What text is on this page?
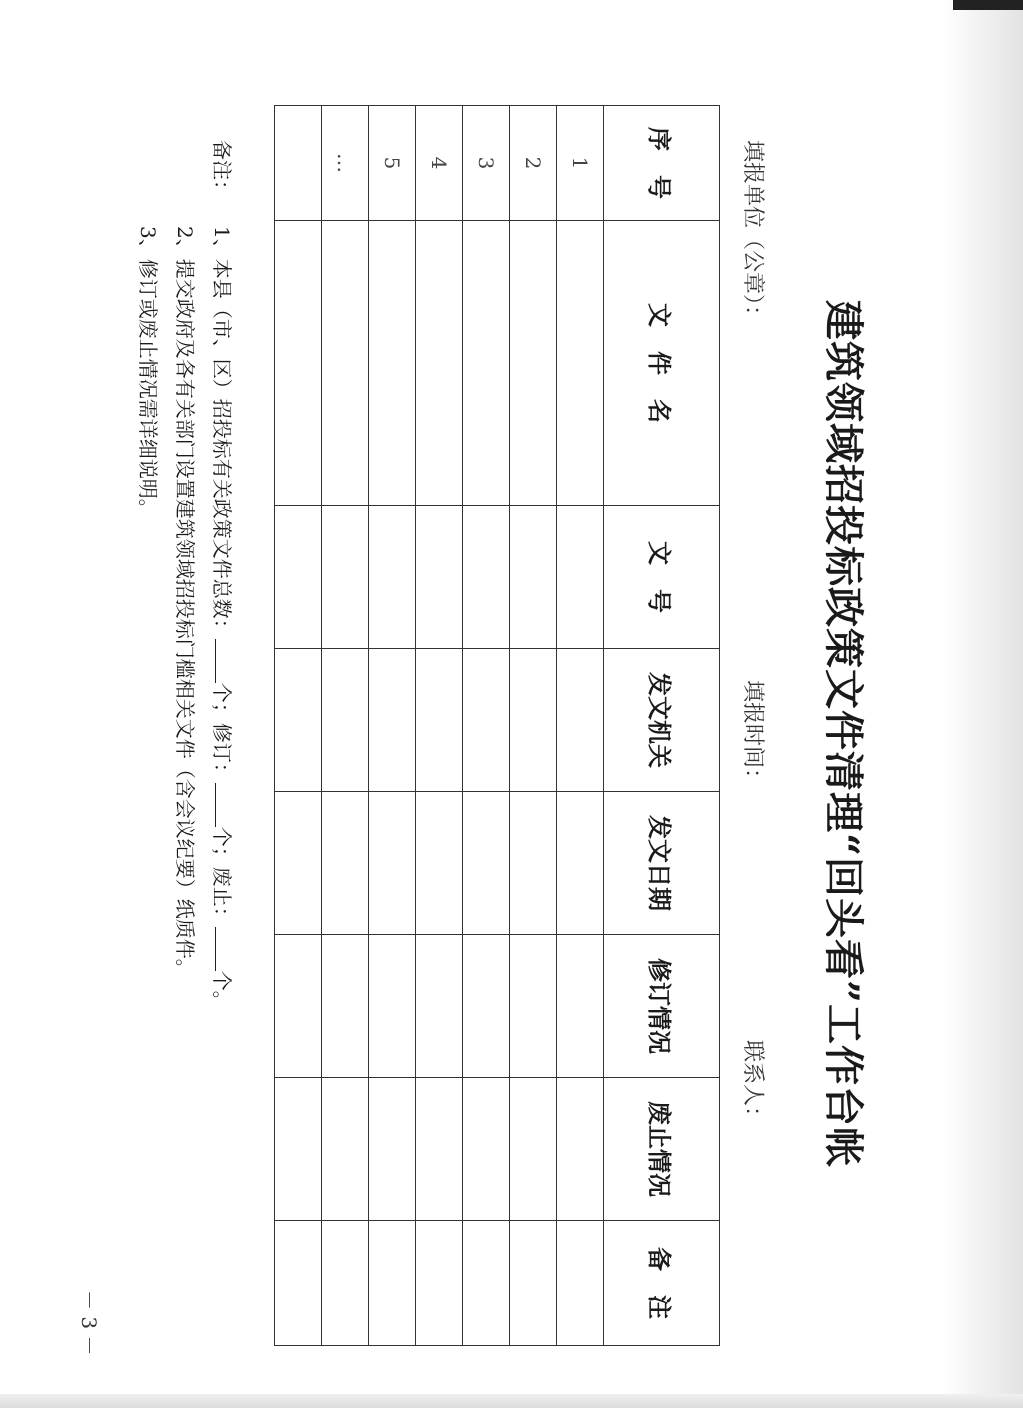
建筑领域招投标政策文件清理“回头看”工作台帐
填报单位（公章）：
填报时间：
联系人：
序　号	文　件　名	文　号	发文机关	发文日期	修订情况	废止情况	备　注
1							
2							
3							
4							
5							
…							

备注：1、本县（市、区）招投标有关政策文件总数：个；修订：个；废止：个。
2、提交政府及各有关部门设置建筑领域招投标门槛相关文件（含会议纪要）纸质件。
3、修订或废止情况需详细说明。
－ 3 －
